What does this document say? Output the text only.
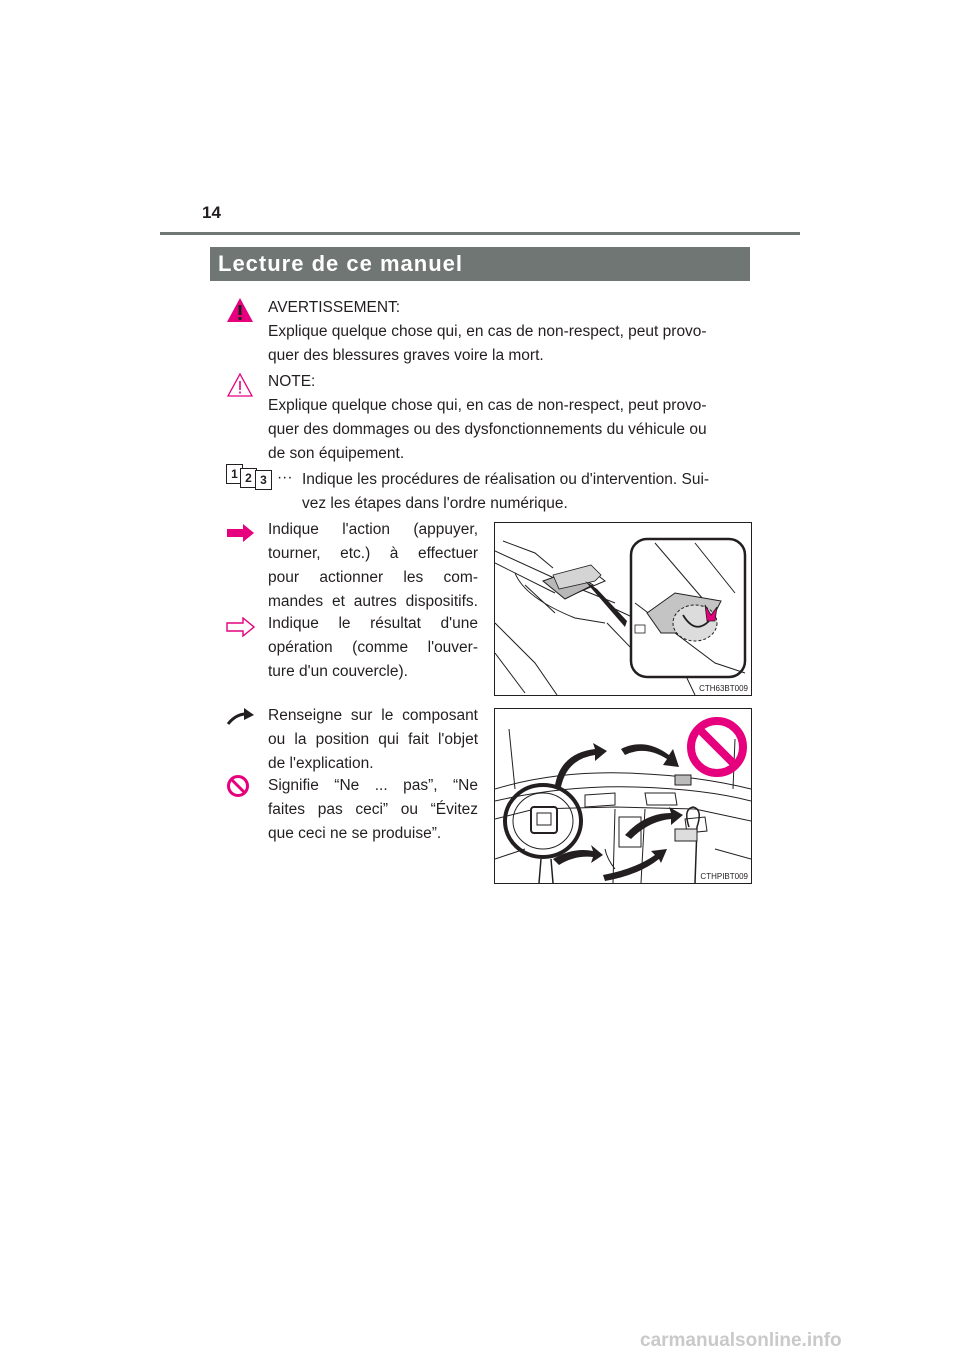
14
Lecture de ce manuel
AVERTISSEMENT:
Explique quelque chose qui, en cas de non-respect, peut provo-
quer des blessures graves voire la mort.
NOTE:
Explique quelque chose qui, en cas de non-respect, peut provo-
quer des dommages ou des dysfonctionnements du véhicule ou
de son équipement.
1 2 3 ··· Indique les procédures de réalisation ou d'intervention. Sui-
vez les étapes dans l'ordre numérique.
Indique l'action (appuyer,
tourner, etc.) à effectuer
pour actionner les com-
mandes et autres dispositifs.
Indique le résultat d'une
opération (comme l'ouver-
ture d'un couvercle).
CTH63BT009
Renseigne sur le composant
ou la position qui fait l'objet
de l'explication.
Signifie “Ne ... pas”, “Ne
faites pas ceci” ou “Évitez
que ceci ne se produise”.
CTHPIBT009
carmanualsonline.info
